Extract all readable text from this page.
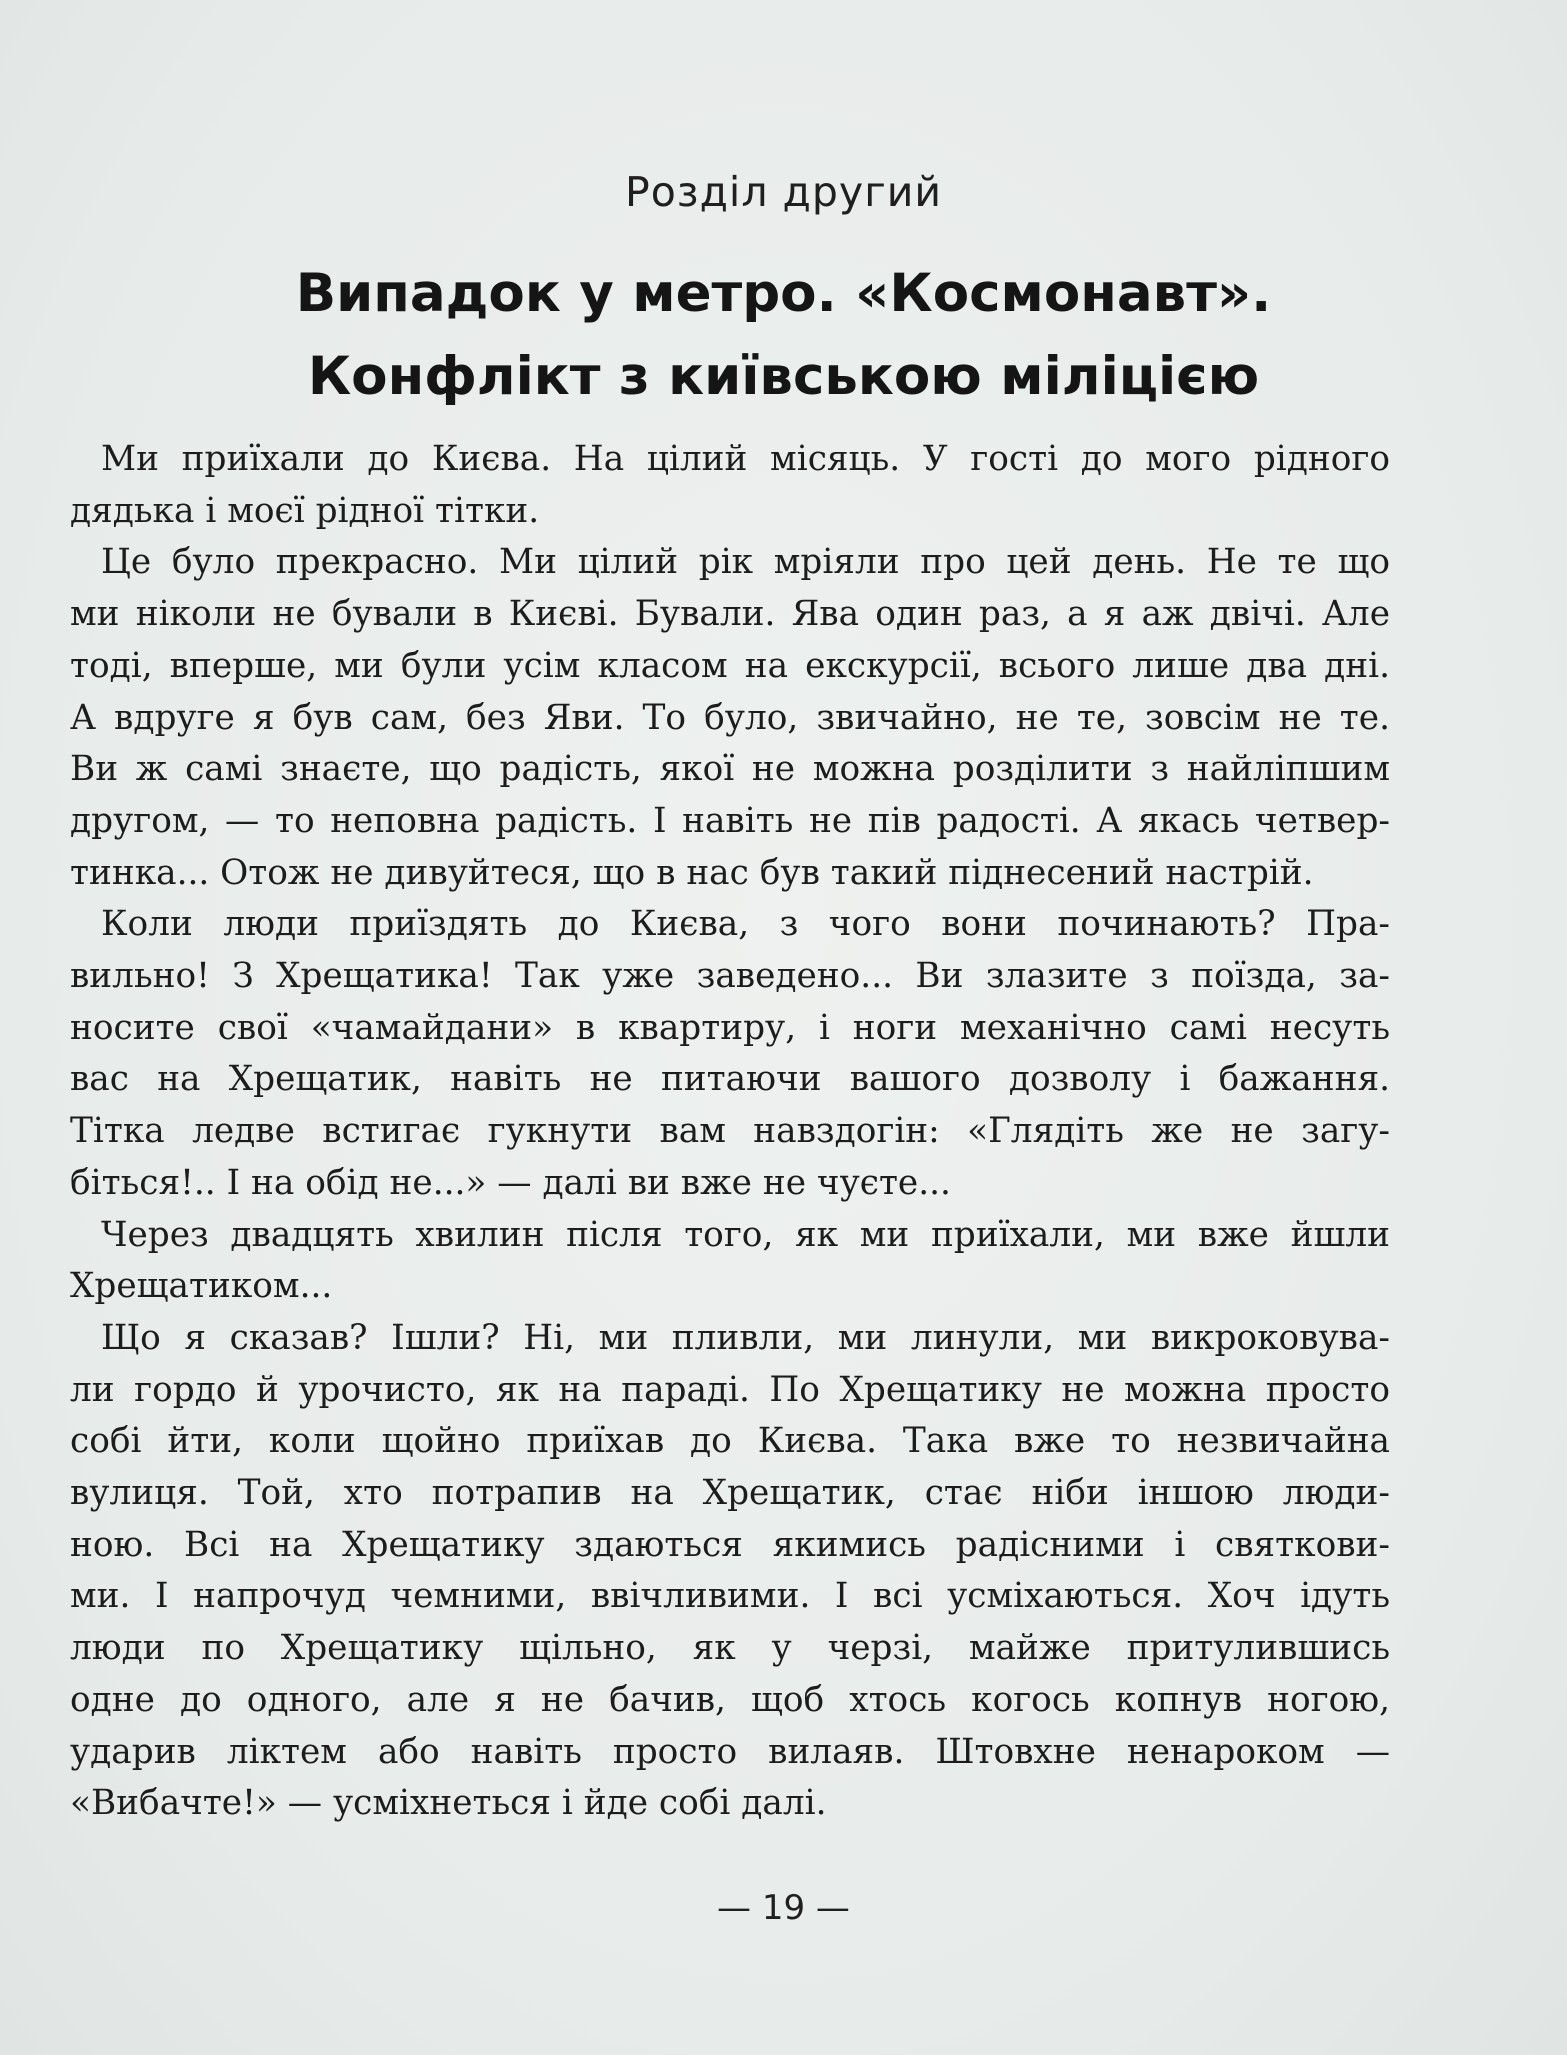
Розділ другий
Випадок у метро. «Космонавт».
Конфлікт з київською міліцією

Ми приїхали до Києва. На цілий місяць. У гості до мого рідного
дядька і моєї рідної тітки.

Це було прекрасно. Ми цілий рік мріяли про цей день. Не те що
ми ніколи не бували в Києві. Бували. Ява один раз, а я аж двічі. Але
тоді, вперше, ми були усім класом на екскурсії, всього лише два дні.
А вдруге я був сам, без Яви. То було, звичайно, не те, зовсім не те.
Ви ж самі знаєте, що радість, якої не можна розділити з найліпшим
другом, — то неповна радість. І навіть не пів радості. А якась четвер-
тинка... Отож не дивуйтеся, що в нас був такий піднесений настрій.

Коли люди приїздять до Києва, з чого вони починають? Пра-
вильно! З Хрещатика! Так уже заведено... Ви злазите з поїзда, за-
носите свої «чамайдани» в квартиру, і ноги механічно самі несуть
вас на Хрещатик, навіть не питаючи вашого дозволу і бажання.
Тітка ледве встигає гукнути вам навздогін: «Глядіть же не загу-
біться!.. І на обід не...» — далі ви вже не чуєте...

Через двадцять хвилин після того, як ми приїхали, ми вже йшли
Хрещатиком...

Що я сказав? Ішли? Ні, ми пливли, ми линули, ми викроковува-
ли гордо й урочисто, як на параді. По Хрещатику не можна просто
собі йти, коли щойно приїхав до Києва. Така вже то незвичайна
вулиця. Той, хто потрапив на Хрещатик, стає ніби іншою люди-
ною. Всі на Хрещатику здаються якимись радісними і святкови-
ми. І напрочуд чемними, ввічливими. І всі усміхаються. Хоч ідуть
люди по Хрещатику щільно, як у черзі, майже притулившись
одне до одного, але я не бачив, щоб хтось когось копнув ногою,
ударив ліктем або навіть просто вилаяв. Штовхне ненароком —
«Вибачте!» — усміхнеться і йде собі далі.

— 19 —
